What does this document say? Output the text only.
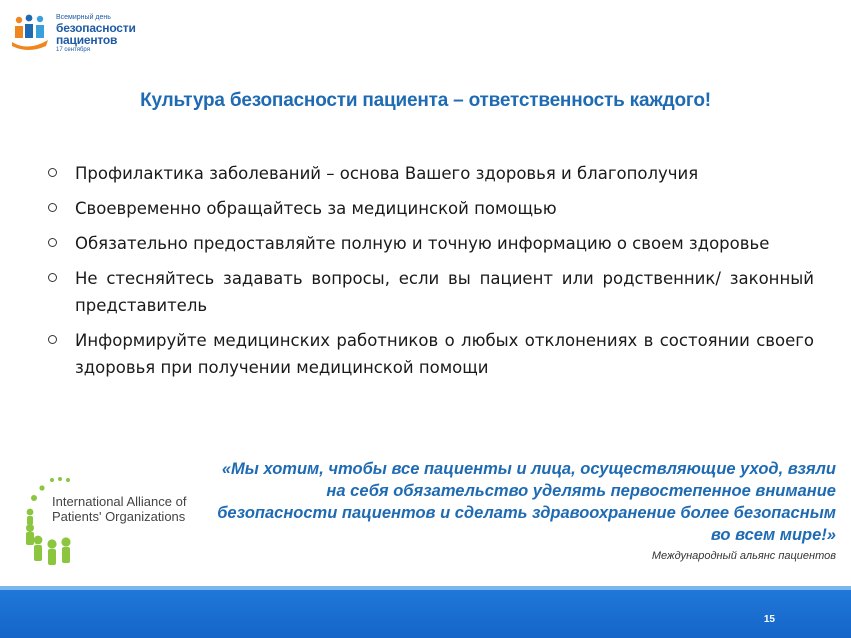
Всемирный день
безопасности
пациентов
17 сентября
Культура безопасности пациента – ответственность каждого!
Профилактика заболеваний – основа Вашего здоровья и благополучия
Своевременно обращайтесь за медицинской помощью
Обязательно предоставляйте полную и точную информацию о своем здоровье
Не стесняйтесь задавать вопросы, если вы пациент или родственник/ законный представитель
Информируйте медицинских работников о любых отклонениях в состоянии своего здоровья при получении медицинской помощи
International Alliance of
Patients' Organizations
«Мы хотим, чтобы все пациенты и лица, осуществляющие уход, взяли на себя обязательство уделять первостепенное внимание безопасности пациентов и сделать здравоохранение более безопасным во всем мире!»
Международный альянс пациентов
15
